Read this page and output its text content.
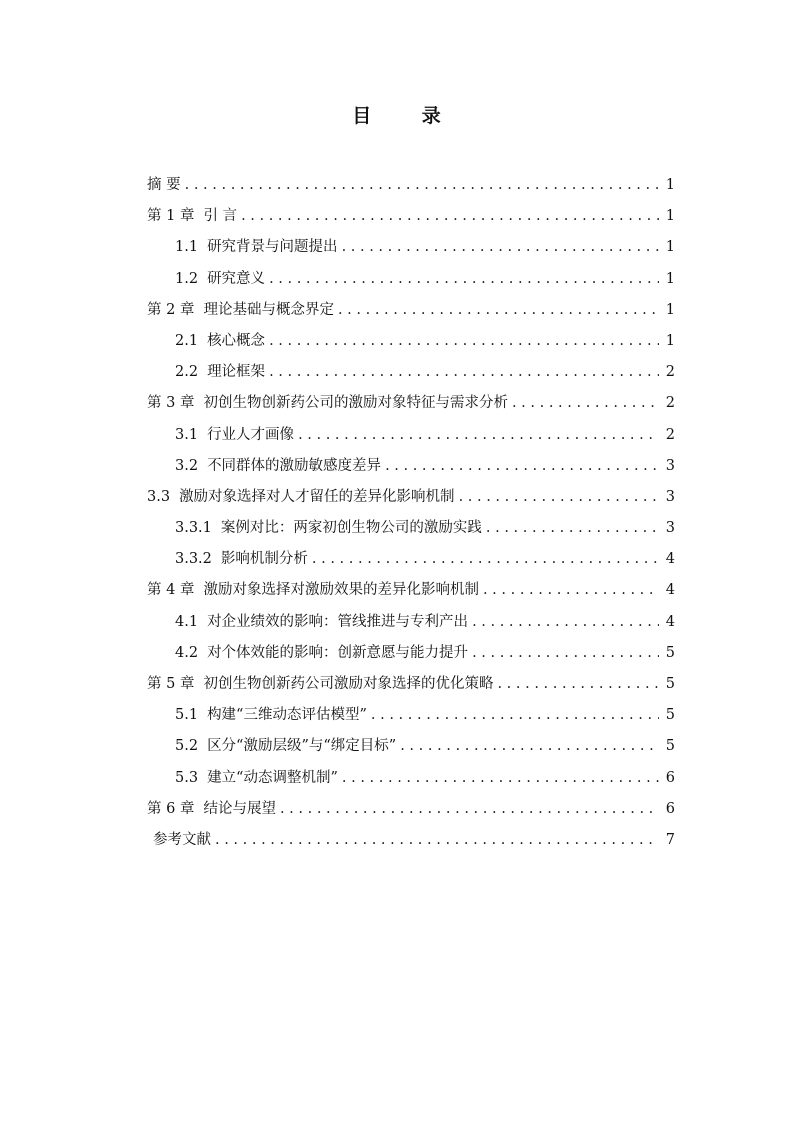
目 录
摘 要 . . .	1
第 1 章 引 言 . . .	1
1.1 研究背景与问题提出 . . .	1
1.2 研究意义 . . .	1
第 2 章 理论基础与概念界定 . . .	1
2.1 核心概念 . . .	1
2.2 理论框架 . . .	2
第 3 章 初创生物创新药公司的激励对象特征与需求分析 . . .	2
3.1 行业人才画像 . . .	2
3.2 不同群体的激励敏感度差异 . . .	3
3.3 激励对象选择对人才留任的差异化影响机制 . . .	3
3.3.1 案例对比：两家初创生物公司的激励实践 . . .	3
3.3.2 影响机制分析 . . .	4
第 4 章 激励对象选择对激励效果的差异化影响机制 . . .	4
4.1 对企业绩效的影响：管线推进与专利产出 . . .	4
4.2 对个体效能的影响：创新意愿与能力提升 . . .	5
第 5 章 初创生物创新药公司激励对象选择的优化策略 . . .	5
5.1 构建“三维动态评估模型” . . .	5
5.2 区分“激励层级”与“绑定目标” . . .	5
5.3 建立“动态调整机制” . . .	6
第 6 章 结论与展望 . . .	6
参考文献 . . .	7
